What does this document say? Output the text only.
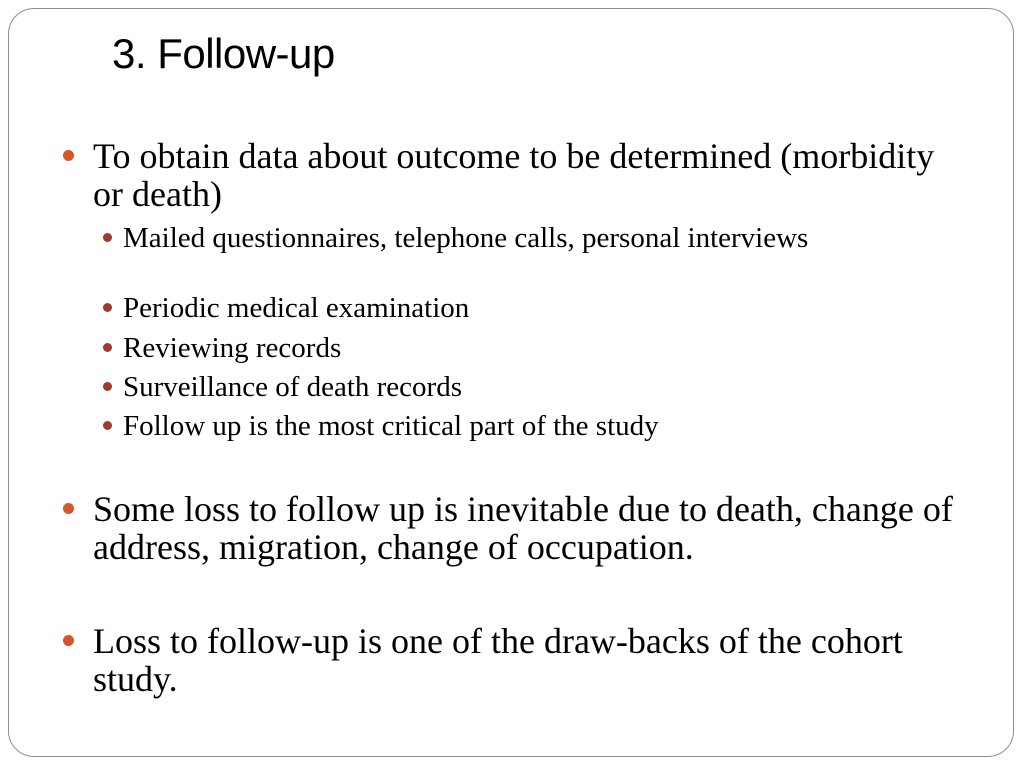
3. Follow-up
To obtain data about outcome to be determined (morbidity or death)
Mailed questionnaires, telephone calls, personal interviews
Periodic medical examination
Reviewing records
Surveillance of death records
Follow up is the most critical part of the study
Some loss to follow up is inevitable due to death, change of address, migration, change of occupation.
Loss to follow-up is one of the draw-backs of the cohort study.
